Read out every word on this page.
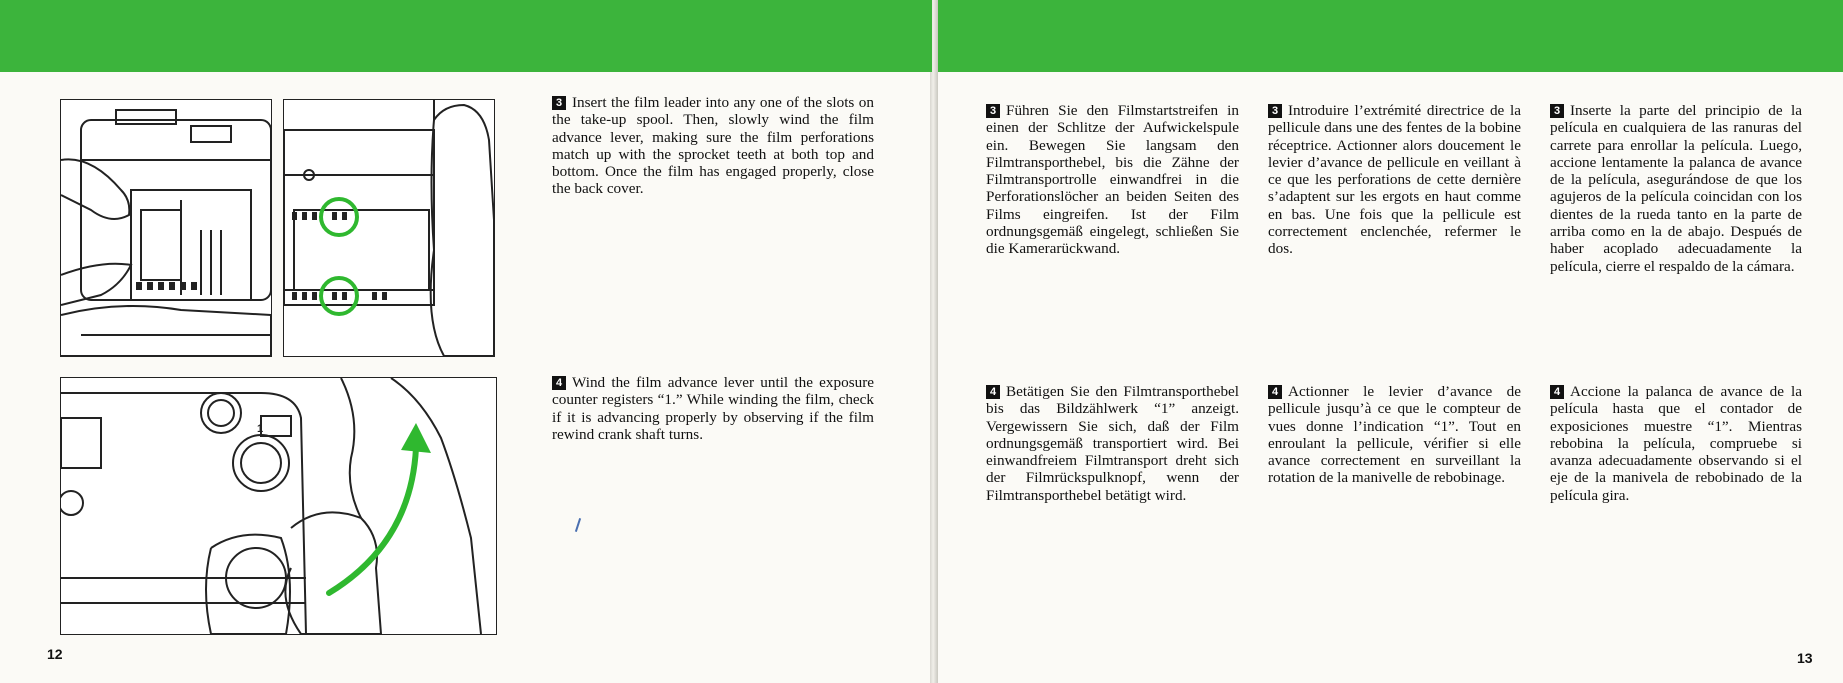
1

3 Insert the film leader into any one of the slots on the take-up spool. Then, slowly wind the film advance lever, making sure the film perforations match up with the sprocket teeth at both top and bottom. Once the film has engaged properly, close the back cover.

4 Wind the film advance lever until the exposure counter registers “1.” While winding the film, check if it is advancing properly by observing if the film rewind crank shaft turns.

3 Führen Sie den Filmstartstreifen in einen der Schlitze der Aufwickelspule ein. Bewegen Sie langsam den Filmtransporthebel, bis die Zähne der Filmtransportrolle einwandfrei in die Perforationslöcher an beiden Seiten des Films eingreifen. Ist der Film ordnungsgemäß eingelegt, schließen Sie die Kamerarückwand.

3 Introduire l’extrémité directrice de la pellicule dans une des fentes de la bobine réceptrice. Actionner alors doucement le levier d’avance de pellicule en veillant à ce que les perforations de cette dernière s’adaptent sur les ergots en haut comme en bas. Une fois que la pellicule est correctement enclenchée, refermer le dos.

3 Inserte la parte del principio de la película en cualquiera de las ranuras del carrete para enrollar la película. Luego, accione lentamente la palanca de avance de la película, asegurándose de que los agujeros de la película coincidan con los dientes de la rueda tanto en la parte de arriba como en la de abajo. Después de haber acoplado adecuadamente la película, cierre el respaldo de la cámara.

4 Betätigen Sie den Filmtransporthebel bis das Bildzählwerk “1” anzeigt. Vergewissern Sie sich, daß der Film ordnungsgemäß transportiert wird. Bei einwandfreiem Filmtransport dreht sich der Filmrückspulknopf, wenn der Filmtransporthebel betätigt wird.

4 Actionner le levier d’avance de pellicule jusqu’à ce que le compteur de vues donne l’indication “1”. Tout en enroulant la pellicule, vérifier si elle avance correctement en surveillant la rotation de la manivelle de rebobinage.

4 Accione la palanca de avance de la película hasta que el contador de exposiciones muestre “1”. Mientras rebobina la película, compruebe si avanza adecuadamente observando si el eje de la manivela de rebobinado de la película gira.

12	13
